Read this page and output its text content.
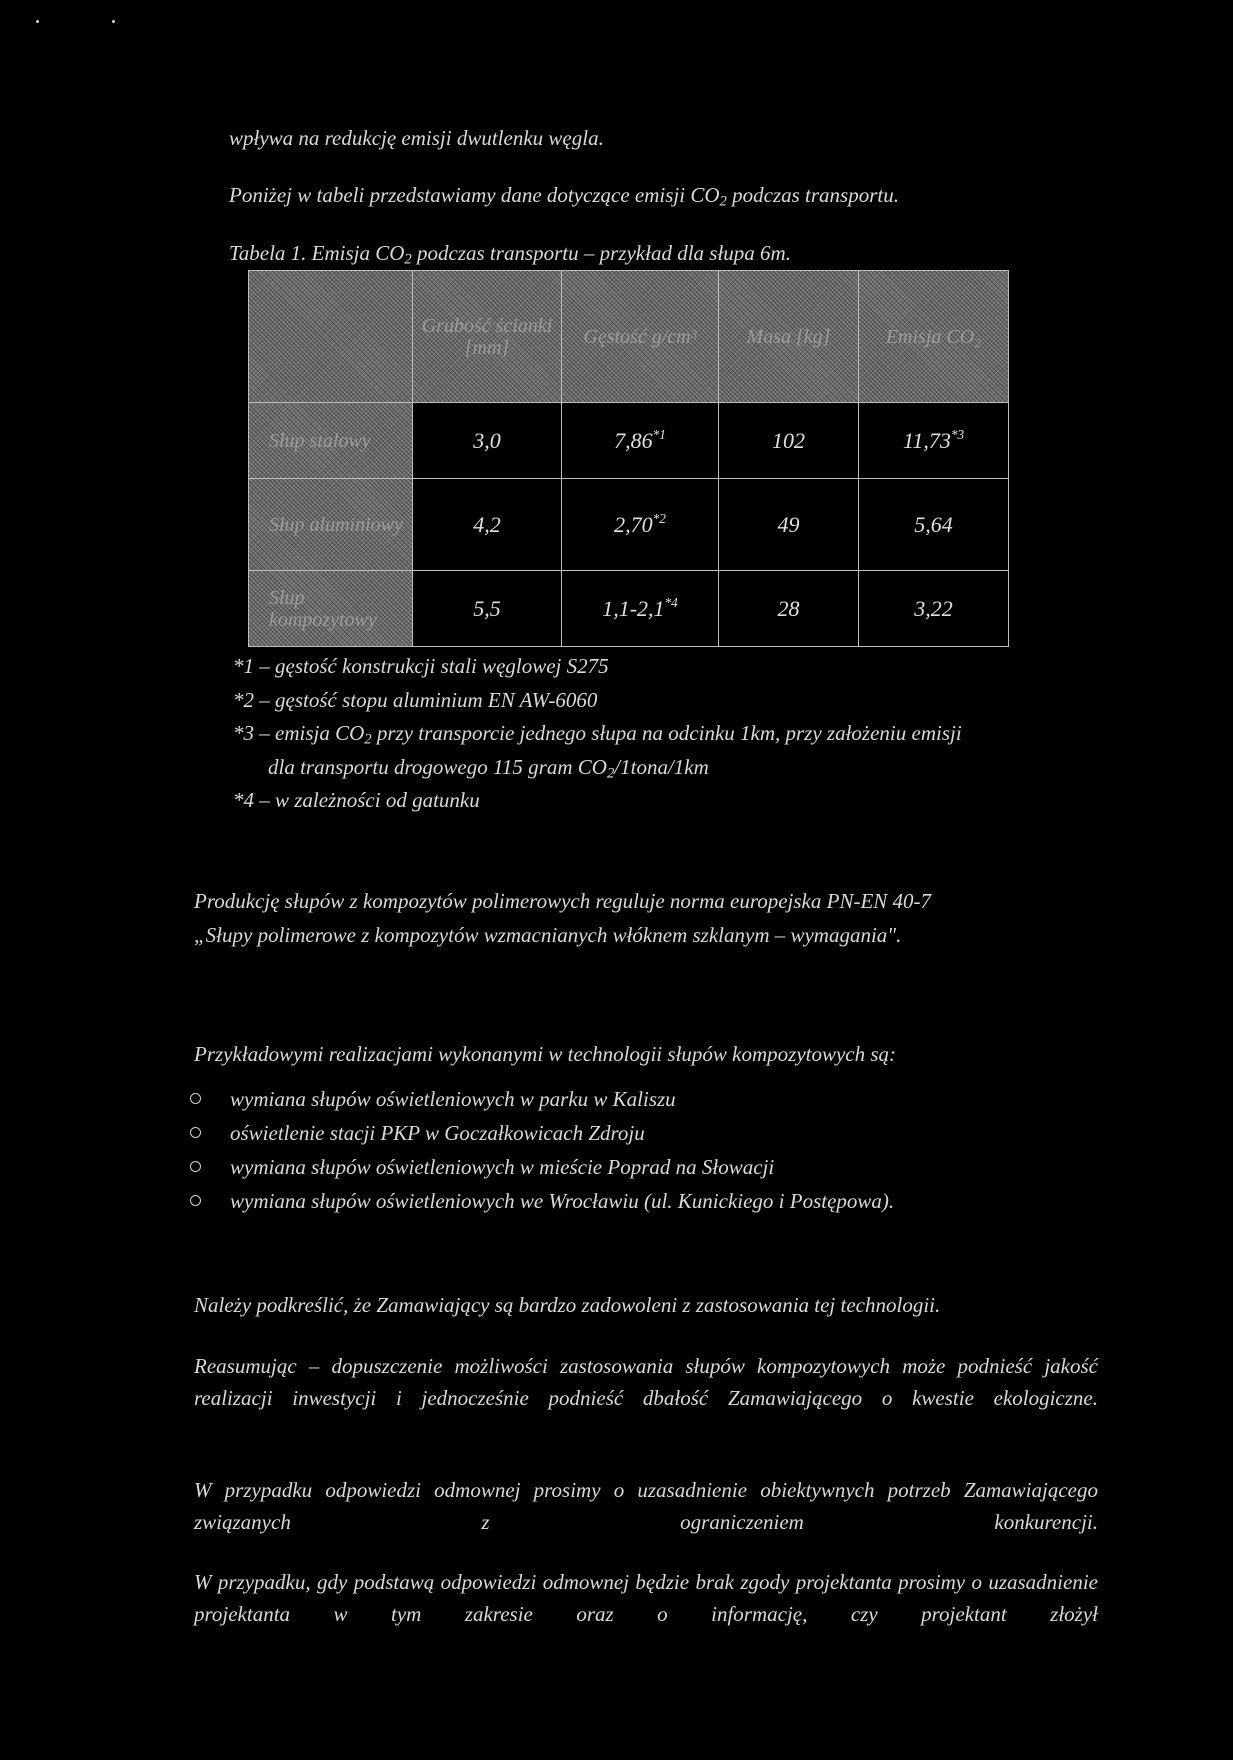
wpływa na redukcję emisji dwutlenku węgla.
Poniżej w tabeli przedstawiamy dane dotyczące emisji $CO_2$ podczas transportu.
Tabela 1. Emisja $CO_2$ podczas transportu – przykład dla słupa 6m.
	Grubość ścianki [mm]	Gęstość g/cm³	Masa [kg]	Emisja CO₂
Słup stalowy	3,0	7,86$^{*1}$	102	11,73$^{*3}$
Słup aluminiowy	4,2	2,70$^{*2}$	49	5,64
Słup kompozytowy	5,5	1,1-2,1$^{*4}$	28	3,22
*1 – gęstość konstrukcji stali węglowej S275
*2 – gęstość stopu aluminium EN AW-6060
*3 – emisja $CO_2$ przy transporcie jednego słupa na odcinku 1km, przy założeniu emisji
dla transportu drogowego 115 gram $CO_2/1tona/1km$
*4 – w zależności od gatunku
Produkcję słupów z kompozytów polimerowych reguluje norma europejska PN-EN 40-7
„Słupy polimerowe z kompozytów wzmacnianych włóknem szklanym – wymagania".
Przykładowymi realizacjami wykonanymi w technologii słupów kompozytowych są:
wymiana słupów oświetleniowych w parku w Kaliszu
oświetlenie stacji PKP w Goczałkowicach Zdroju
wymiana słupów oświetleniowych w mieście Poprad na Słowacji
wymiana słupów oświetleniowych we Wrocławiu (ul. Kunickiego i Postępowa).
Należy podkreślić, że Zamawiający są bardzo zadowoleni z zastosowania tej technologii.
Reasumując – dopuszczenie możliwości zastosowania słupów kompozytowych może podnieść jakość realizacji inwestycji i jednocześnie podnieść dbałość Zamawiającego o kwestie ekologiczne.
W przypadku odpowiedzi odmownej prosimy o uzasadnienie obiektywnych potrzeb Zamawiającego związanych z ograniczeniem konkurencji.
W przypadku, gdy podstawą odpowiedzi odmownej będzie brak zgody projektanta prosimy o uzasadnienie projektanta w tym zakresie oraz o informację, czy projektant złożył
